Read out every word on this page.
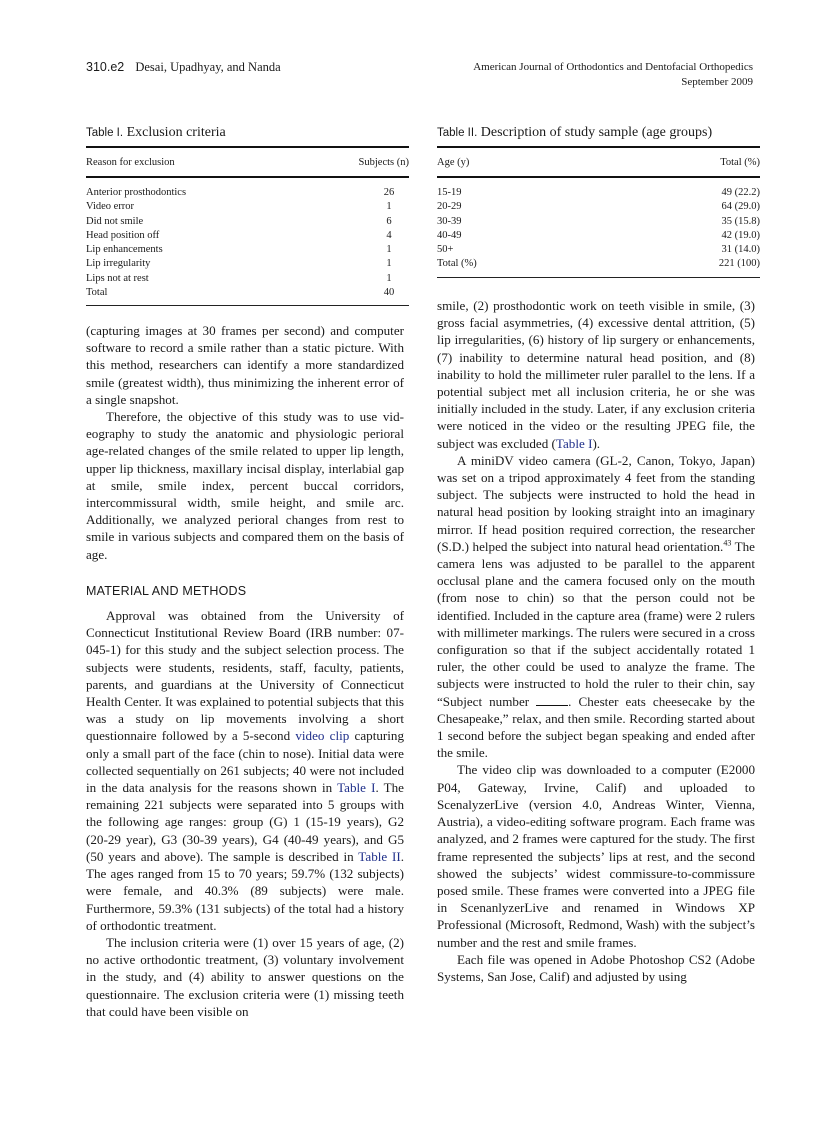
310.e2 Desai, Upadhyay, and Nanda	American Journal of Orthodontics and Dentofacial Orthopedics
September 2009
Table I. Exclusion criteria
Reason for exclusion	Subjects (n)
Anterior prosthodontics	26
Video error	1
Did not smile	6
Head position off	4
Lip enhancements	1
Lip irregularity	1
Lips not at rest	1
Total	40
Table II. Description of study sample (age groups)
Age (y)	Total (%)
15-19	49 (22.2)
20-29	64 (29.0)
30-39	35 (15.8)
40-49	42 (19.0)
50+	31 (14.0)
Total (%)	221 (100)

(capturing images at 30 frames per second) and computer software to record a smile rather than a static picture. With this method, researchers can identify a more standardized smile (greatest width), thus minimizing the inherent error of a single snapshot.

Therefore, the objective of this study was to use videography to study the anatomic and physiologic perioral age-related changes of the smile related to upper lip length, upper lip thickness, maxillary incisal display, interlabial gap at smile, smile index, percent buccal corridors, intercommissural width, smile height, and smile arc. Additionally, we analyzed perioral changes from rest to smile in various subjects and compared them on the basis of age.

MATERIAL AND METHODS

Approval was obtained from the University of Connecticut Institutional Review Board (IRB number: 07-045-1) for this study and the subject selection process. The subjects were students, residents, staff, faculty, patients, parents, and guardians at the University of Connecticut Health Center. It was explained to potential subjects that this was a study on lip movements involving a short questionnaire followed by a 5-second video clip capturing only a small part of the face (chin to nose). Initial data were collected sequentially on 261 subjects; 40 were not included in the data analysis for the reasons shown in Table I. The remaining 221 subjects were separated into 5 groups with the following age ranges: group (G) 1 (15-19 years), G2 (20-29 year), G3 (30-39 years), G4 (40-49 years), and G5 (50 years and above). The sample is described in Table II. The ages ranged from 15 to 70 years; 59.7% (132 subjects) were female, and 40.3% (89 subjects) were male. Furthermore, 59.3% (131 subjects) of the total had a history of orthodontic treatment.

The inclusion criteria were (1) over 15 years of age, (2) no active orthodontic treatment, (3) voluntary involvement in the study, and (4) ability to answer questions on the questionnaire. The exclusion criteria were (1) missing teeth that could have been visible on

smile, (2) prosthodontic work on teeth visible in smile, (3) gross facial asymmetries, (4) excessive dental attrition, (5) lip irregularities, (6) history of lip surgery or enhancements, (7) inability to determine natural head position, and (8) inability to hold the millimeter ruler parallel to the lens. If a potential subject met all inclusion criteria, he or she was initially included in the study. Later, if any exclusion criteria were noticed in the video or the resulting JPEG file, the subject was excluded (Table I).

A miniDV video camera (GL-2, Canon, Tokyo, Japan) was set on a tripod approximately 4 feet from the standing subject. The subjects were instructed to hold the head in natural head position by looking straight into an imaginary mirror. If head position required correction, the researcher (S.D.) helped the subject into natural head orientation.$^{43}$ The camera lens was adjusted to be parallel to the apparent occlusal plane and the camera focused only on the mouth (from nose to chin) so that the person could not be identified. Included in the capture area (frame) were 2 rulers with millimeter markings. The rulers were secured in a cross configuration so that if the subject accidentally rotated 1 ruler, the other could be used to analyze the frame. The subjects were instructed to hold the ruler to their chin, say “Subject number . Chester eats cheesecake by the Chesapeake,” relax, and then smile. Recording started about 1 second before the subject began speaking and ended after the smile.

The video clip was downloaded to a computer (E2000 P04, Gateway, Irvine, Calif) and uploaded to ScenalyzerLive (version 4.0, Andreas Winter, Vienna, Austria), a video-editing software program. Each frame was analyzed, and 2 frames were captured for the study. The first frame represented the subjects’ lips at rest, and the second showed the subjects’ widest commissure-to-commissure posed smile. These frames were converted into a JPEG file in ScenanlyzerLive and renamed in Windows XP Professional (Microsoft, Redmond, Wash) with the subject’s number and the rest and smile frames.

Each file was opened in Adobe Photoshop CS2 (Adobe Systems, San Jose, Calif) and adjusted by using
